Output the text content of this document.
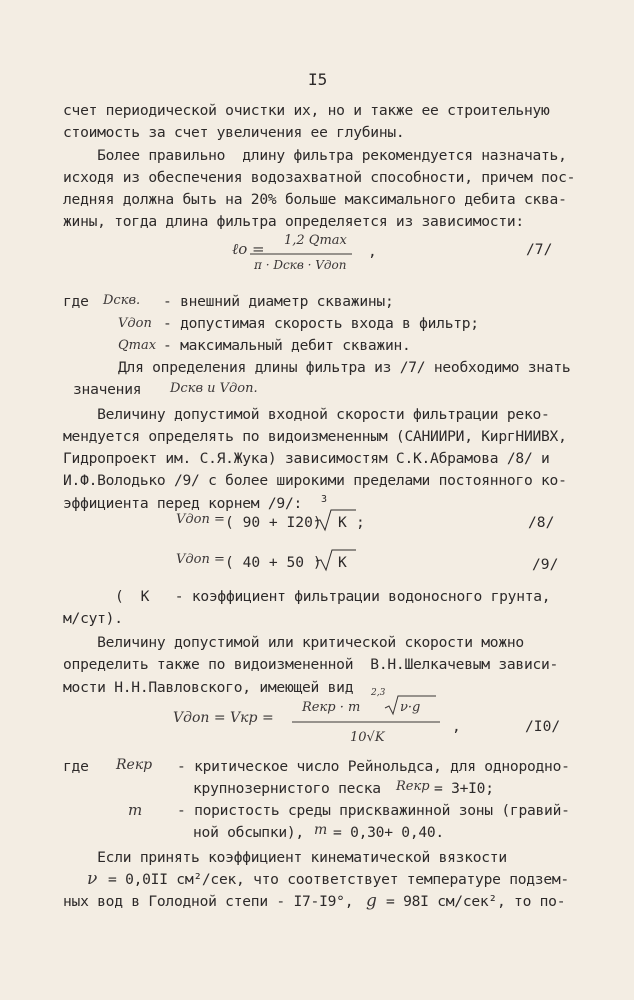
I5
счет периодической очистки их, но и также ее строительную
стоимость за счет увеличения ее глубины.
Более правильно  длину фильтра рекомендуется назначать,
исходя из обеспечения водозахватной способности, причем пос-
ледняя должна быть на 20% больше максимального дебита сква-
жины, тогда длина фильтра определяется из зависимости:
ℓo = 1,2 Qmax
π · Dскв · Vдоп
,	/7/
где Dскв. - внешний диаметр скважины;
Vдоп - допустимая скорость входа в фильтр;
Qmax - максимальный дебит скважин.
Для определения длины фильтра из /7/ необходимо знать
значения Dскв и Vдоп.
Величину допустимой входной скорости фильтрации реко-
мендуется определять по видоизмененным (САНИИРИ, КиргНИИВХ,
Гидропроект им. С.Я.Жука) зависимостям С.К.Абрамова /8/ и
И.Ф.Володько /9/ с более широкими пределами постоянного ко-
эффициента перед корнем /9/:
Vдоп = ( 90 + I20)
3
K ;	/8/
Vдоп = ( 40 + 50 ) K	/9/
(  K   - коэффициент фильтрации водоносного грунта,
м/сут).
Величину допустимой или критической скорости можно
определить также по видоизмененной  В.Н.Шелкачевым зависи-
мости Н.Н.Павловского, имеющей вид
Vдоп = Vкр =
Reкр · m
2,3
ν·g
10√K
,	/I0/
где Reкр - критическое число Рейнольдса, для однородно-
крупнозернистого песка Reкр = 3+I0;
m - пористость среды прискважинной зоны (гравий-
ной обсыпки), m = 0,30+ 0,40.
Если принять коэффициент кинематической вязкости
ν = 0,0II см²/сек, что соответствует температуре подзем-
ных вод в Голодной степи - I7-I9°, g = 98I см/сек², то по-
